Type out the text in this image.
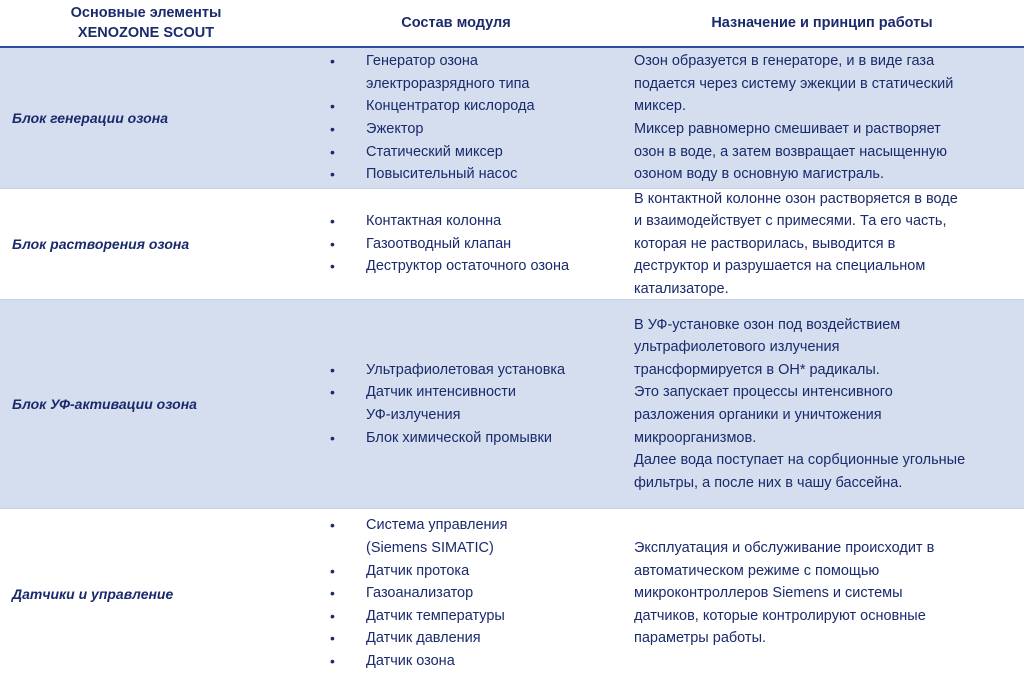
Основные элементы
XENOZONE SCOUT
Состав модуля	Назначение и принцип работы
Блок генерации озона
• Генератор озона
электроразрядного типа
• Концентратор кислорода
• Эжектор
• Статический миксер
• Повысительный насос

Озон образуется в генераторе, и в виде газа
подается через систему эжекции в статический
миксер.

Миксер равномерно смешивает и растворяет
озон в воде, а затем возвращает насыщенную
озоном воду в основную магистраль.

Блок растворения озона
• Контактная колонна
• Газоотводный клапан
• Деструктор остаточного озона

В контактной колонне озон растворяется в воде
и взаимодействует с примесями. Та его часть,
которая не растворилась, выводится в
деструктор и разрушается на специальном
катализаторе.

Блок УФ-активации озона
• Ультрафиолетовая установка
• Датчик интенсивности
УФ-излучения
• Блок химической промывки

В УФ-установке озон под воздействием
ультрафиолетового излучения
трансформируется в ОН* радикалы.

Это запускает процессы интенсивного
разложения органики и уничтожения
микроорганизмов.

Далее вода поступает на сорбционные угольные
фильтры, а после них в чашу бассейна.

Датчики и управление
• Система управления
(Siemens SIMATIC)
• Датчик протока
• Газоанализатор
• Датчик температуры
• Датчик давления
• Датчик озона

Эксплуатация и обслуживание происходит в
автоматическом режиме с помощью
микроконтроллеров Siemens и системы
датчиков, которые контролируют основные
параметры работы.
